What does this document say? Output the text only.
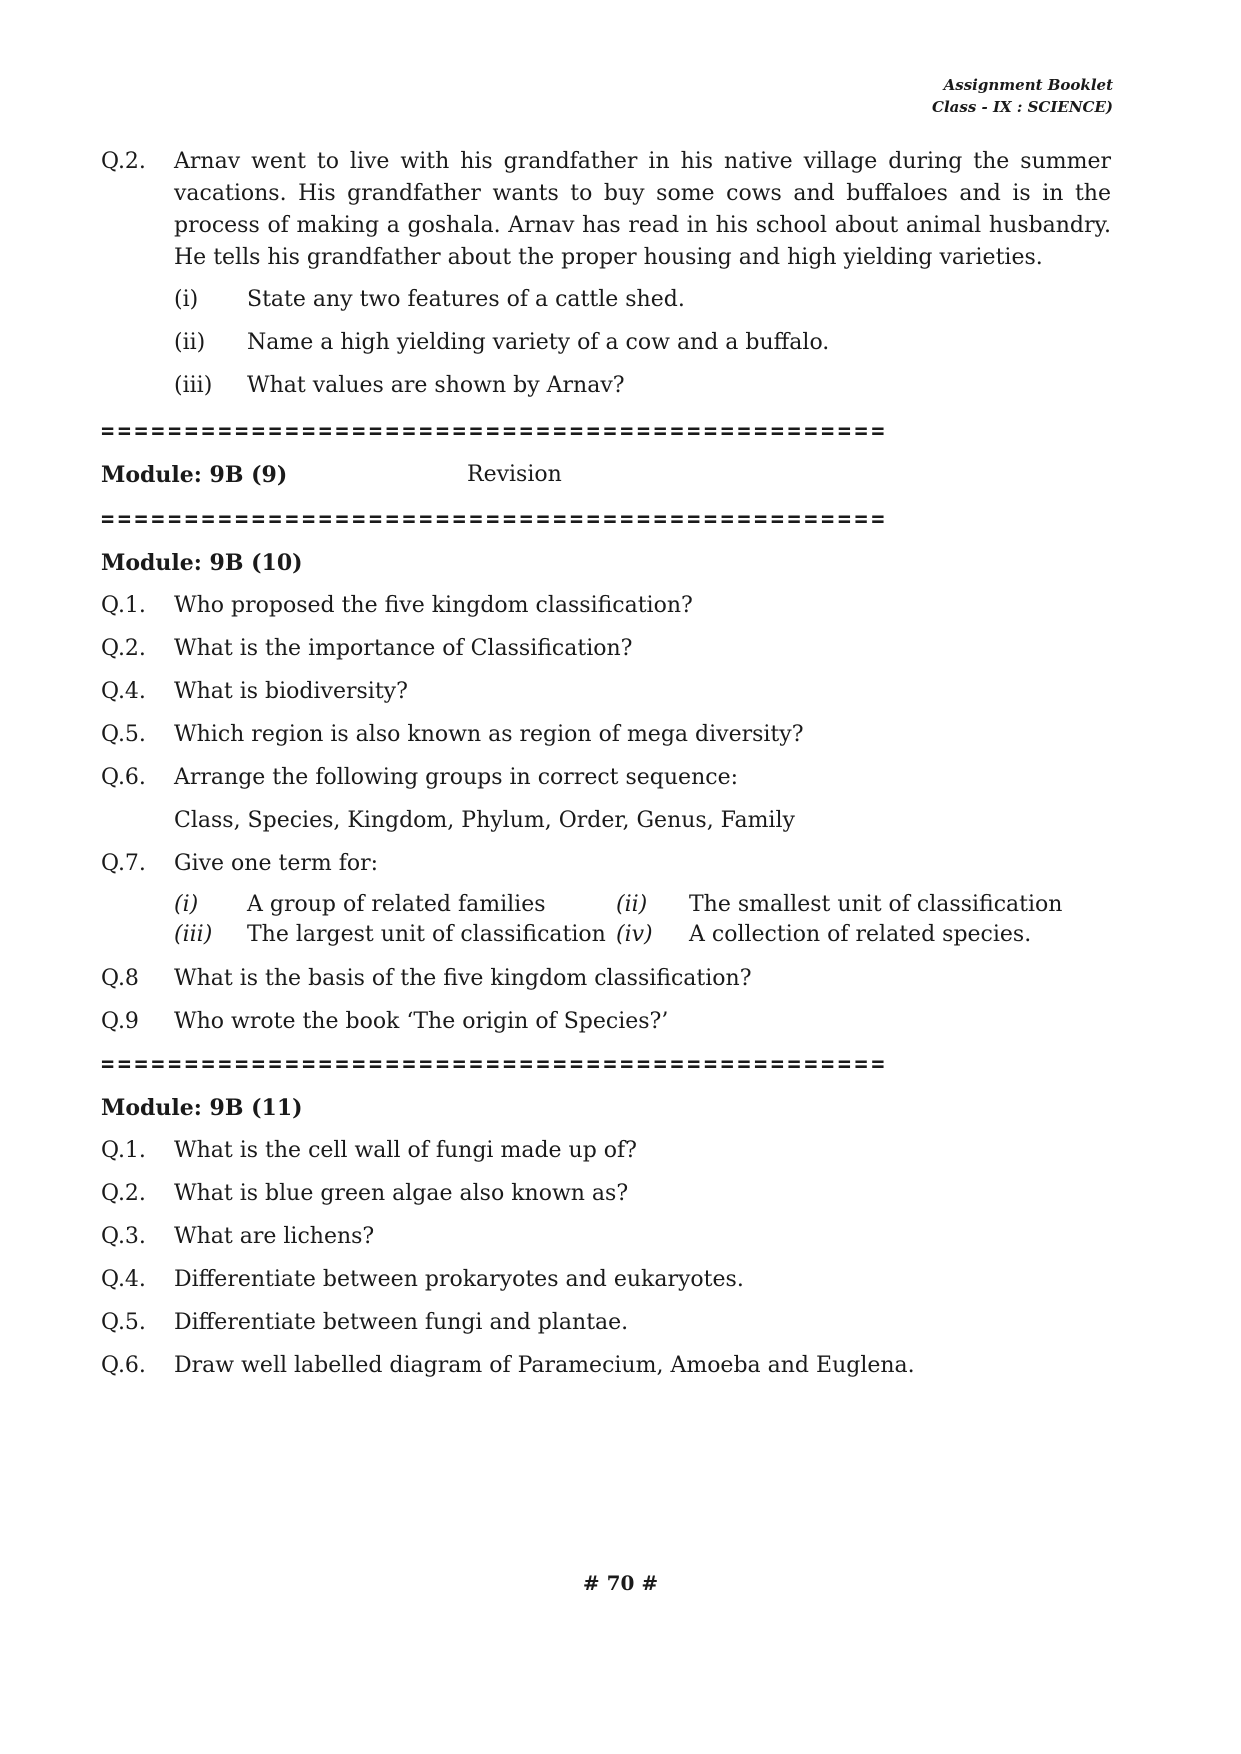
Assignment Booklet
Class - IX : SCIENCE)
Q.2.	Arnav went to live with his grandfather in his native village during the summer vacations. His grandfather wants to buy some cows and buffaloes and is in the process of making a goshala. Arnav has read in his school about animal husbandry. He tells his grandfather about the proper housing and high yielding varieties.
(i)	State any two features of a cattle shed.
(ii)	Name a high yielding variety of a cow and a buffalo.
(iii)	What values are shown by Arnav?
===============================================
Module: 9B (9)	Revision
===============================================
Module: 9B (10)
Q.1.	Who proposed the five kingdom classification?
Q.2.	What is the importance of Classification?
Q.4.	What is biodiversity?
Q.5.	Which region is also known as region of mega diversity?
Q.6.	Arrange the following groups in correct sequence:
Class, Species, Kingdom, Phylum, Order, Genus, Family
Q.7.	Give one term for:
(i)	A group of related families	(ii)	The smallest unit of classification
(iii)	The largest unit of classification (iv)	A collection of related species.
Q.8	What is the basis of the five kingdom classification?
Q.9	Who wrote the book ‘The origin of Species?’
===============================================
Module: 9B (11)
Q.1.	What is the cell wall of fungi made up of?
Q.2.	What is blue green algae also known as?
Q.3.	What are lichens?
Q.4.	Differentiate between prokaryotes and eukaryotes.
Q.5.	Differentiate between fungi and plantae.
Q.6.	Draw well labelled diagram of Paramecium, Amoeba and Euglena.
# 70 #
